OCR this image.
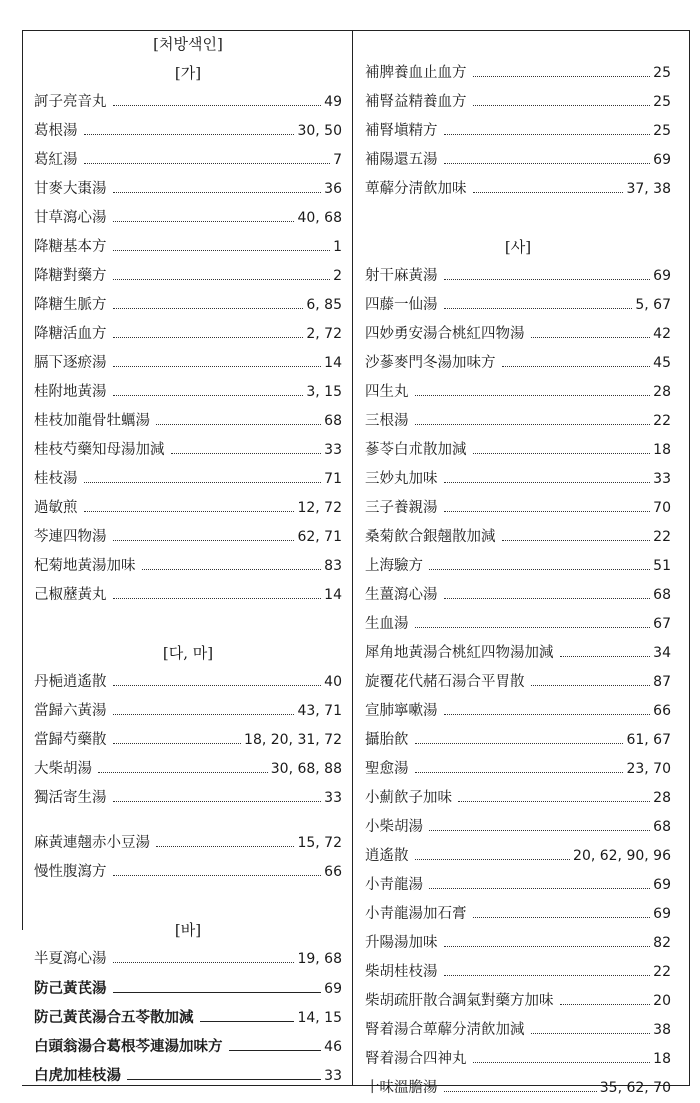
[처방색인]
[가]
訶子亮音丸	49
葛根湯	30, 50
葛紅湯	7
甘麥大棗湯	36
甘草瀉心湯	40, 68
降糖基本方	1
降糖對藥方	2
降糖生脈方	6, 85
降糖活血方	2, 72
膈下逐瘀湯	14
桂附地黃湯	3, 15
桂枝加龍骨牡蠣湯	68
桂枝芍藥知母湯加減	33
桂枝湯	71
過敏煎	12, 72
芩連四物湯	62, 71
杞菊地黃湯加味	83
己椒藶黃丸	14
[다, 마]
丹梔逍遙散	40
當歸六黃湯	43, 71
當歸芍藥散	18, 20, 31, 72
大柴胡湯	30, 68, 88
獨活寄生湯	33
麻黃連翹赤小豆湯	15, 72
慢性腹瀉方	66
[바]
半夏瀉心湯	19, 68
防己黃芪湯	69
防己黃芪湯合五苓散加減	14, 15
白頭翁湯合葛根芩連湯加味方	46
白虎加桂枝湯	33
補脾養血止血方	25
補腎益精養血方	25
補腎塡精方	25
補陽還五湯	69
萆薢分淸飮加味	37, 38
[사]
射干麻黃湯	69
四藤一仙湯	5, 67
四妙勇安湯合桃紅四物湯	42
沙蔘麥門冬湯加味方	45
四生丸	28
三根湯	22
蔘苓白朮散加減	18
三妙丸加味	33
三子養親湯	70
桑菊飮合銀翹散加減	22
上海驗方	51
生薑瀉心湯	68
生血湯	67
犀角地黃湯合桃紅四物湯加減	34
旋覆花代赭石湯合平胃散	87
宣肺寧嗽湯	66
攝胎飮	61, 67
聖愈湯	23, 70
小薊飮子加味	28
小柴胡湯	68
逍遙散	20, 62, 90, 96
小靑龍湯	69
小靑龍湯加石膏	69
升陽湯加味	82
柴胡桂枝湯	22
柴胡疏肝散合調氣對藥方加味	20
腎着湯合萆薢分淸飮加減	38
腎着湯合四神丸	18
十味溫膽湯	35, 62, 70
